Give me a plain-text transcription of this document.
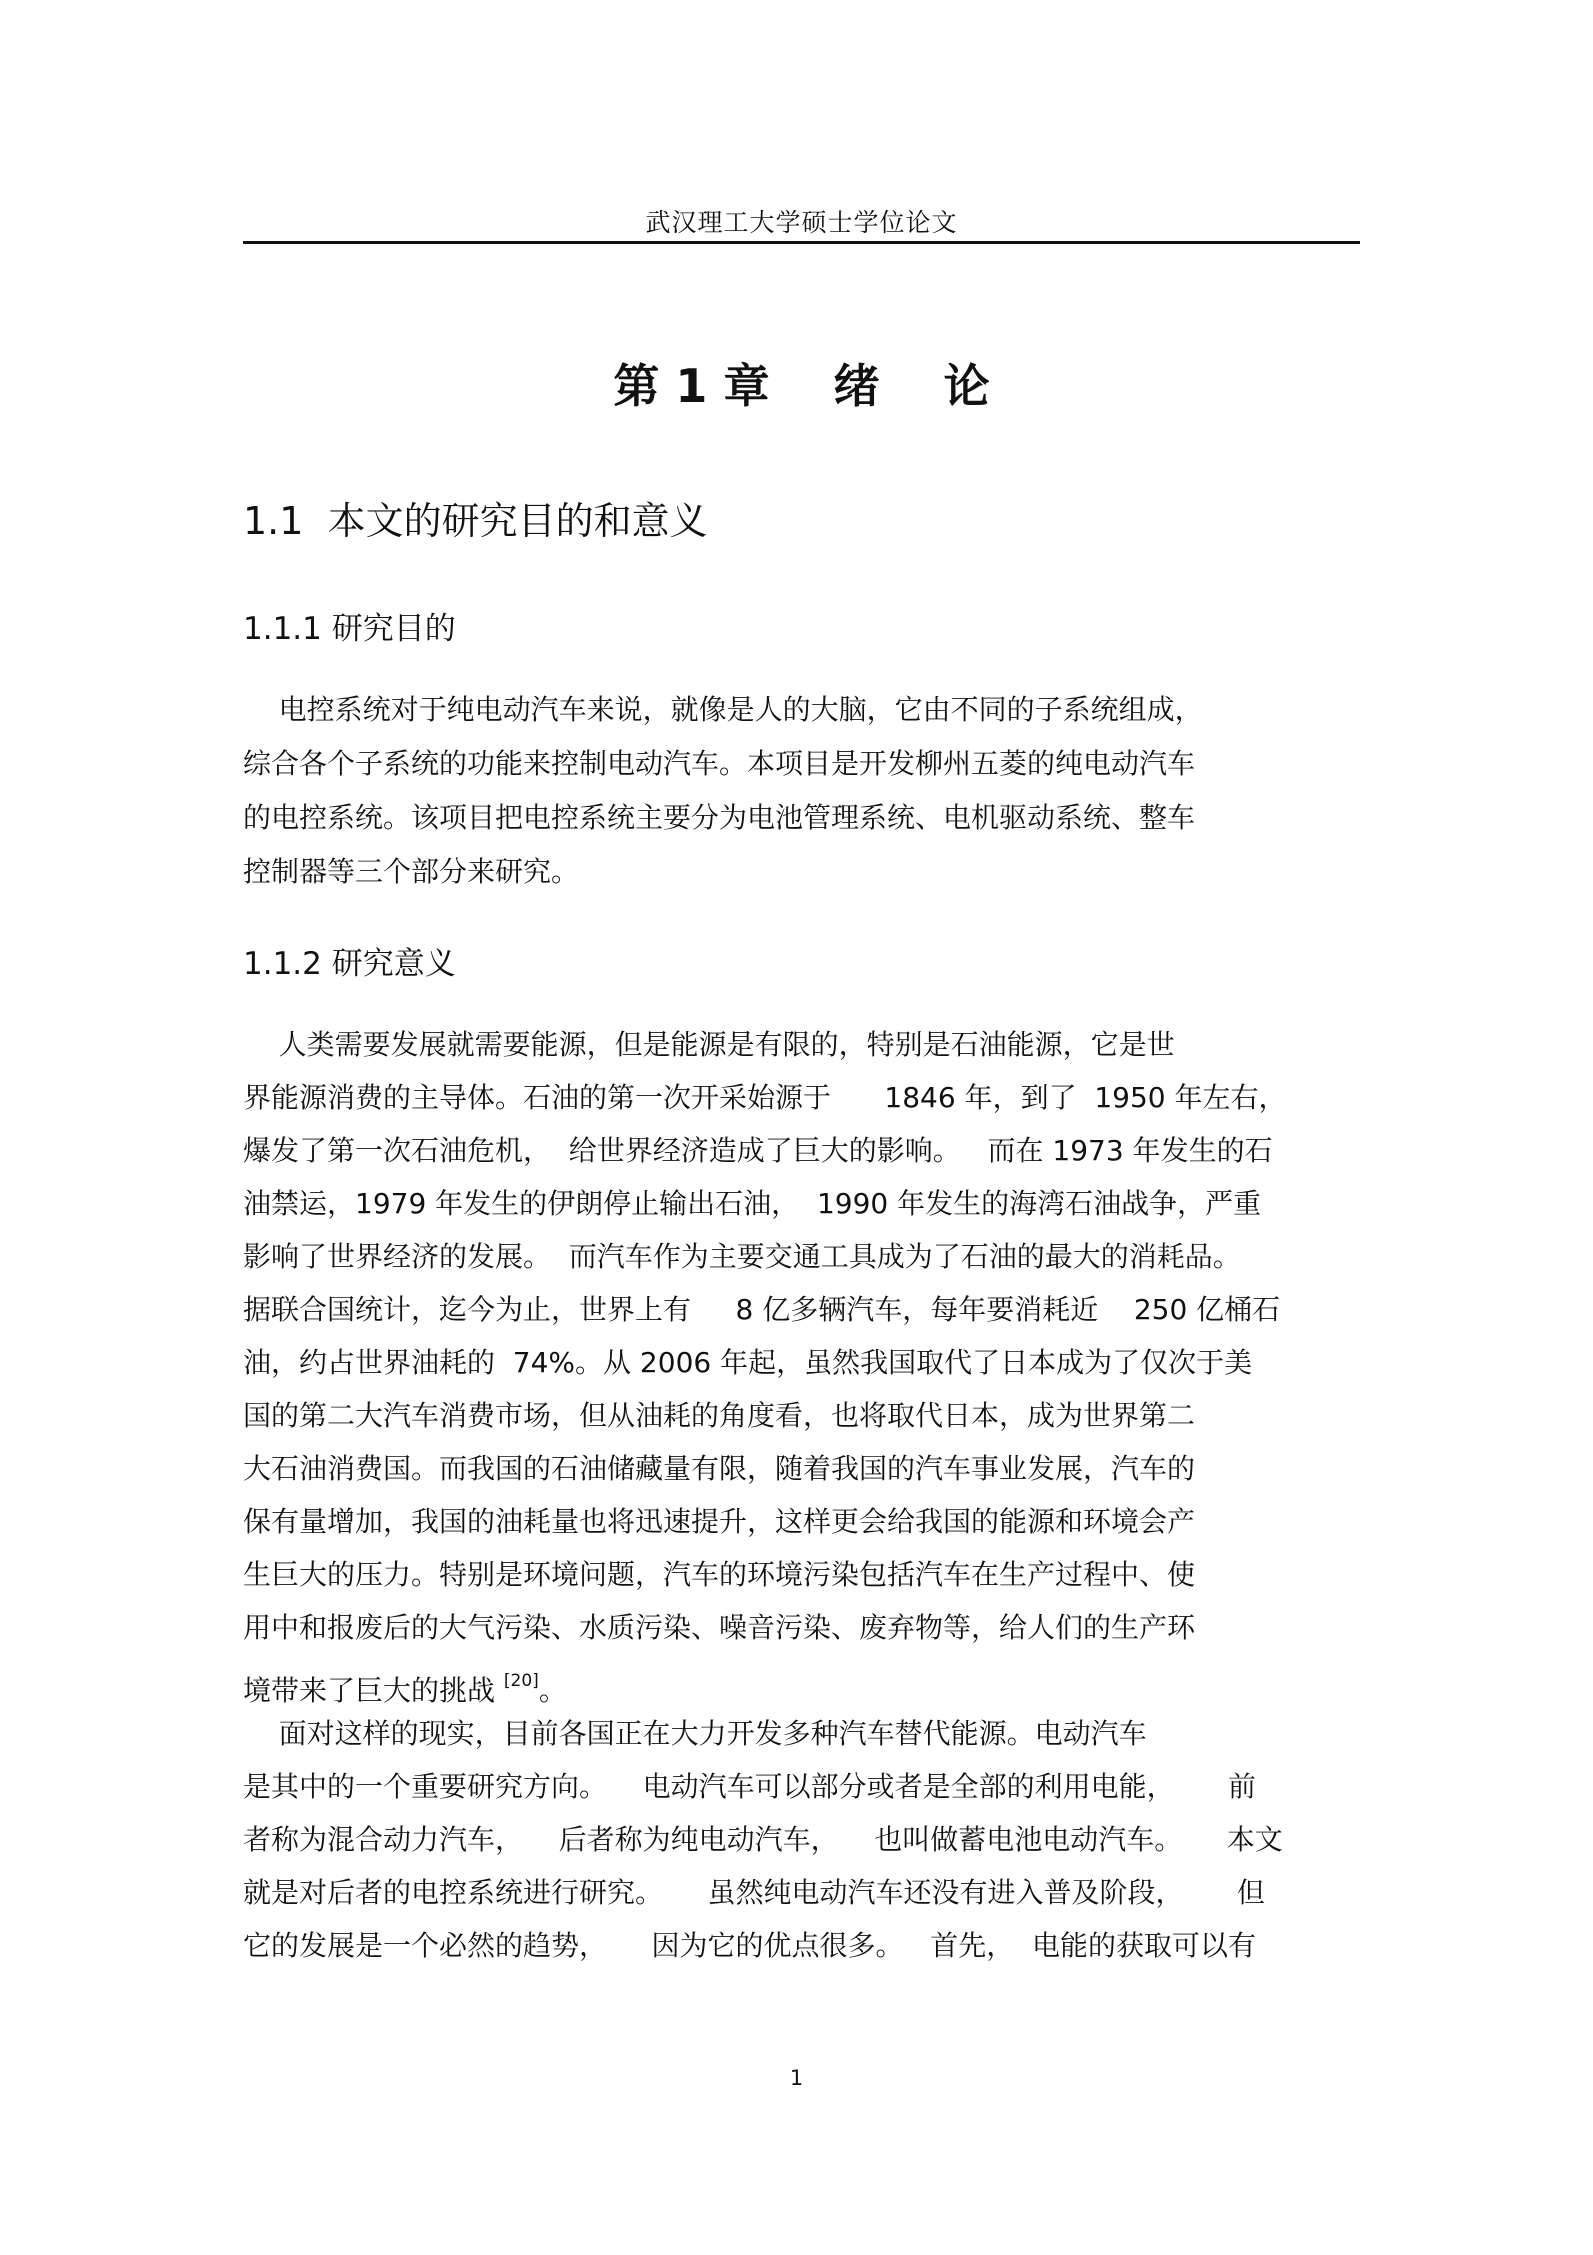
武汉理工大学硕士学位论文
第 1 章    绪    论
1.1  本文的研究目的和意义
1.1.1 研究目的
电控系统对于纯电动汽车来说，就像是人的大脑，它由不同的子系统组成，
综合各个子系统的功能来控制电动汽车。本项目是开发柳州五菱的纯电动汽车
的电控系统。该项目把电控系统主要分为电池管理系统、电机驱动系统、整车
控制器等三个部分来研究。
1.1.2 研究意义
人类需要发展就需要能源，但是能源是有限的，特别是石油能源，它是世
界能源消费的主导体。石油的第一次开采始源于      1846 年，到了  1950 年左右，
爆发了第一次石油危机，  给世界经济造成了巨大的影响。   而在 1973 年发生的石
油禁运，1979 年发生的伊朗停止输出石油，  1990 年发生的海湾石油战争，严重
影响了世界经济的发展。  而汽车作为主要交通工具成为了石油的最大的消耗品。
据联合国统计，迄今为止，世界上有     8 亿多辆汽车，每年要消耗近    250 亿桶石
油，约占世界油耗的  74%。从 2006 年起，虽然我国取代了日本成为了仅次于美
国的第二大汽车消费市场，但从油耗的角度看，也将取代日本，成为世界第二
大石油消费国。而我国的石油储藏量有限，随着我国的汽车事业发展，汽车的
保有量增加，我国的油耗量也将迅速提升，这样更会给我国的能源和环境会产
生巨大的压力。特别是环境问题，汽车的环境污染包括汽车在生产过程中、使
用中和报废后的大气污染、水质污染、噪音污染、废弃物等，给人们的生产环
境带来了巨大的挑战 [20]。
面对这样的现实，目前各国正在大力开发多种汽车替代能源。电动汽车
是其中的一个重要研究方向。    电动汽车可以部分或者是全部的利用电能，      前
者称为混合动力汽车，    后者称为纯电动汽车，    也叫做蓄电池电动汽车。     本文
就是对后者的电控系统进行研究。     虽然纯电动汽车还没有进入普及阶段，      但
它的发展是一个必然的趋势，     因为它的优点很多。   首先，  电能的获取可以有
1
